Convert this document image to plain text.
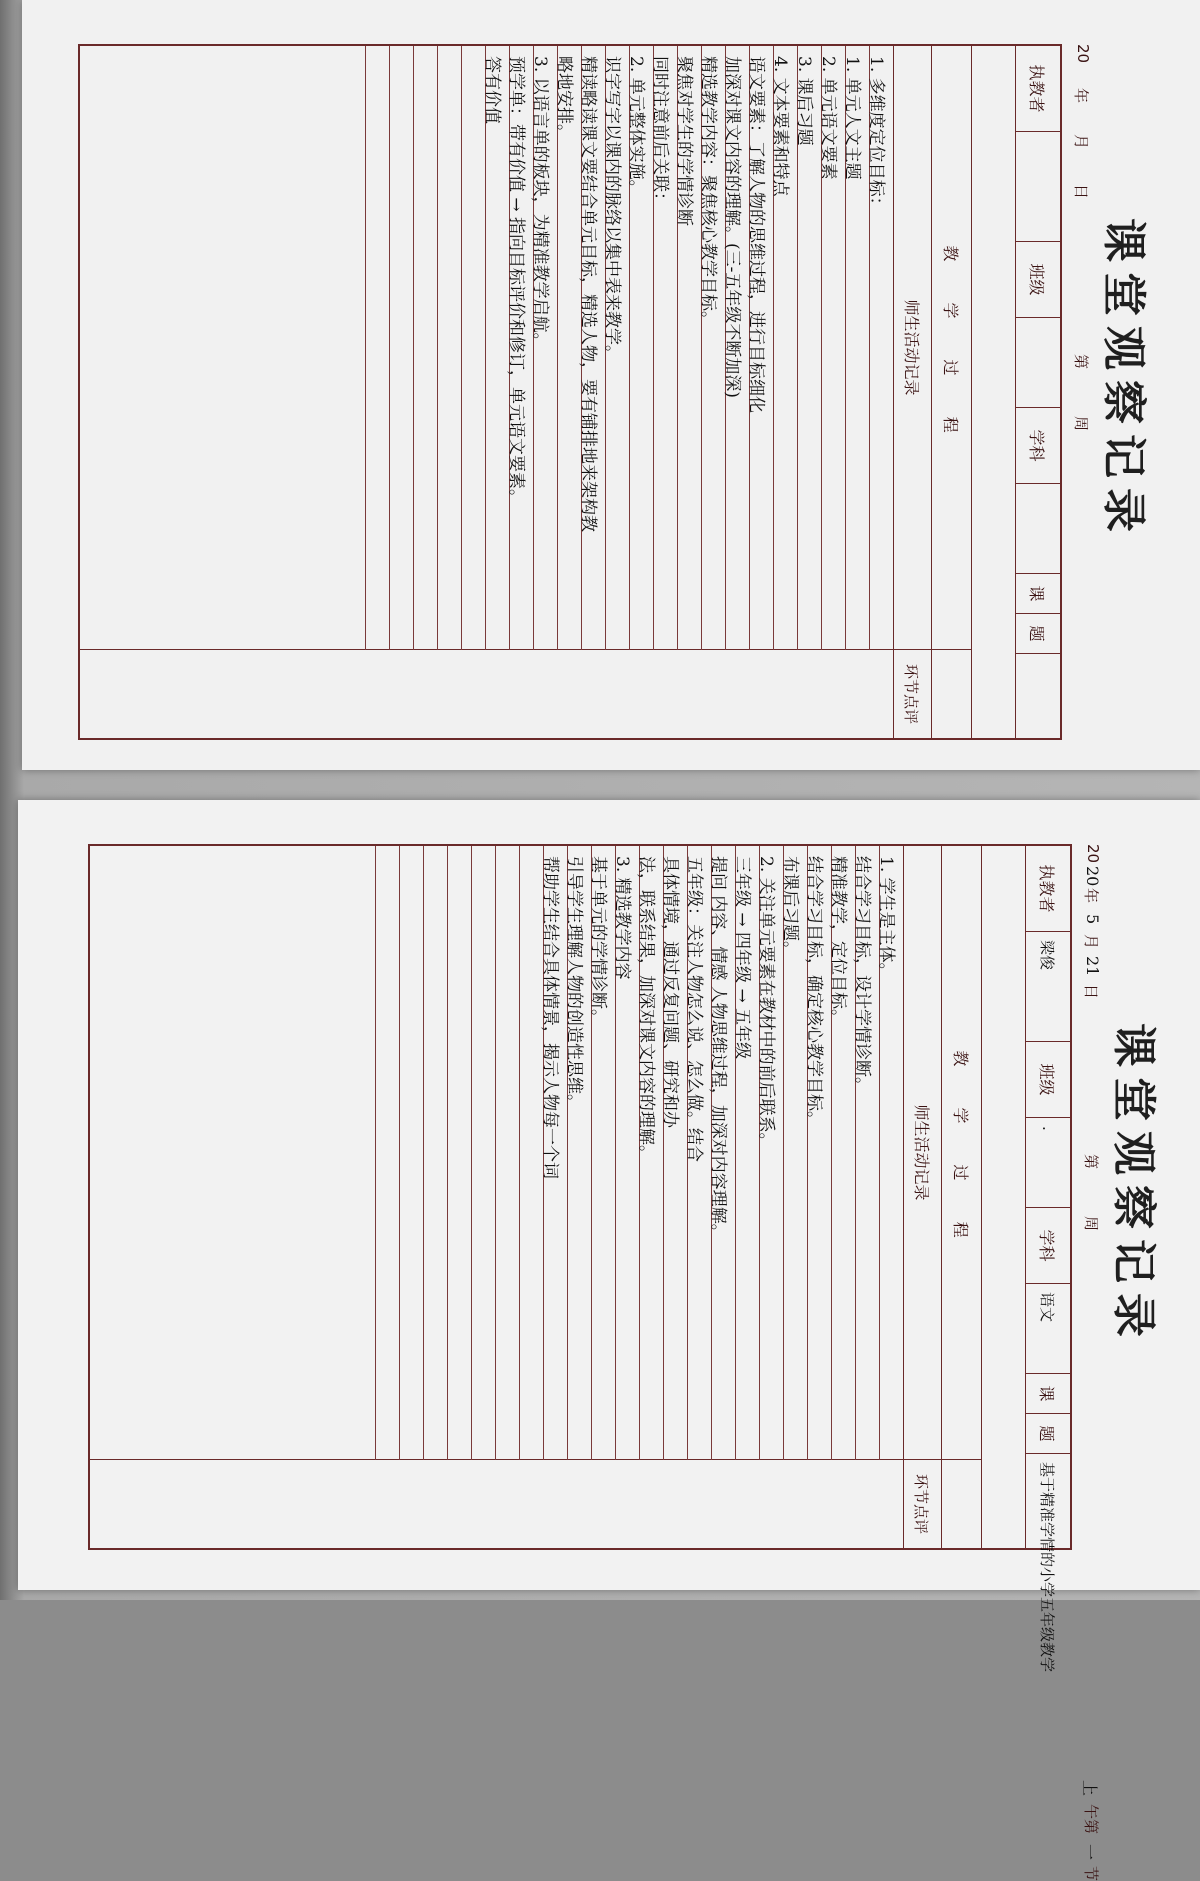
课堂观察记录
20
年
月
日
第
周
执教者
班级
学科
课
题
教 学 过 程
师生活动记录
环节点评
1. 多维度定位目标：
1. 单元人文主题
2. 单元语文要素
3. 课后习题
4. 文本要素和特点
语文要素：了解人物的思维过程，进行目标细化
加深对课文内容的理解。(三-五年级不断加深)
精选教学内容：聚焦核心教学目标。
聚焦对学生的学情诊断
同时注意前后关联：
2. 单元整体实施。
识字写字以课内的脉络以集中表来教学。
精读略读课文要结合单元目标，精选人物，要有铺排地来架构教
略地安排。
3. 以语言单的板块，为精准教学启航。
预学单：带有价值 → 指向目标评价和修订，单元语文要素。
答有价值
课堂观察记录
20
20
年
5
月
21
日
第
周
上
午第
一
节
执教者
梁俊
班级
.
学科
语文
课
题
基于精准学情的小学五年级教学
教 学 过 程
师生活动记录
环节点评
1. 学生是主体。
结合学习目标，设计学情诊断。
精准教学，定位目标。
结合学习目标，确定核心教学目标。
布课后习题。
2. 关注单元要素在教材中的前后联系。
三年级 → 四年级 → 五年级
提问 内容、情感 人物思维过程，加深对内容理解。
五年级：关注人物怎么说、怎么做。结合
具体情境，通过反复问题、研究和办
法，联系结果，加深对课文内容的理解。
3. 精选教学内容
基于单元的学情诊断。
引导学生理解人物的创造性思维。
帮助学生结合具体情景，揭示人物每一个词
